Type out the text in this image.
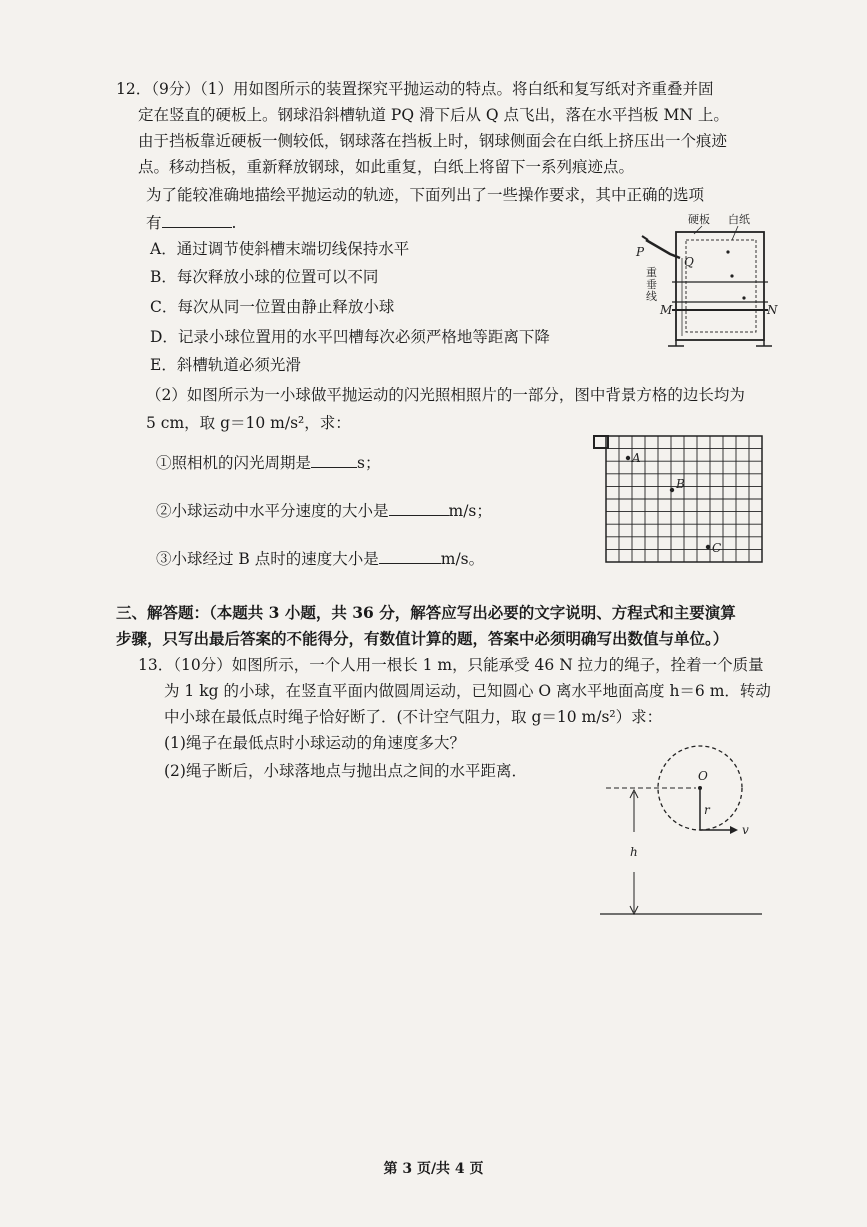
12．（9分）（1）用如图所示的装置探究平抛运动的特点。将白纸和复写纸对齐重叠并固
定在竖直的硬板上。钢球沿斜槽轨道 PQ 滑下后从 Q 点飞出，落在水平挡板 MN 上。
由于挡板靠近硬板一侧较低，钢球落在挡板上时，钢球侧面会在白纸上挤压出一个痕迹
点。移动挡板，重新释放钢球，如此重复，白纸上将留下一系列痕迹点。
为了能较准确地描绘平抛运动的轨迹，下面列出了一些操作要求，其中正确的选项
有	.
A．通过调节使斜槽末端切线保持水平
B．每次释放小球的位置可以不同
C．每次从同一位置由静止释放小球
D．记录小球位置用的水平凹槽每次必须严格地等距离下降
E．斜槽轨道必须光滑
硬板 白纸
P
Q
重
垂
线
M	N
（2）如图所示为一小球做平抛运动的闪光照相照片的一部分，图中背景方格的边长均为
5 cm，取 g＝10 m/s²，求：
①照相机的闪光周期是	s；
②小球运动中水平分速度的大小是	m/s；
③小球经过 B 点时的速度大小是	m/s。
A
B
C
三、解答题：（本题共 3 小题，共 36 分，解答应写出必要的文字说明、方程式和主要演算
步骤，只写出最后答案的不能得分，有数值计算的题，答案中必须明确写出数值与单位。）
13．（10分）如图所示，一个人用一根长 1 m，只能承受 46 N 拉力的绳子，拴着一个质量
为 1 kg 的小球，在竖直平面内做圆周运动，已知圆心 O 离水平地面高度 h＝6 m．转动
中小球在最低点时绳子恰好断了．(不计空气阻力，取 g＝10 m/s²）求：
(1)绳子在最低点时小球运动的角速度多大？
(2)绳子断后，小球落地点与抛出点之间的水平距离．	O
r
v
h
第 3 页/共 4 页
